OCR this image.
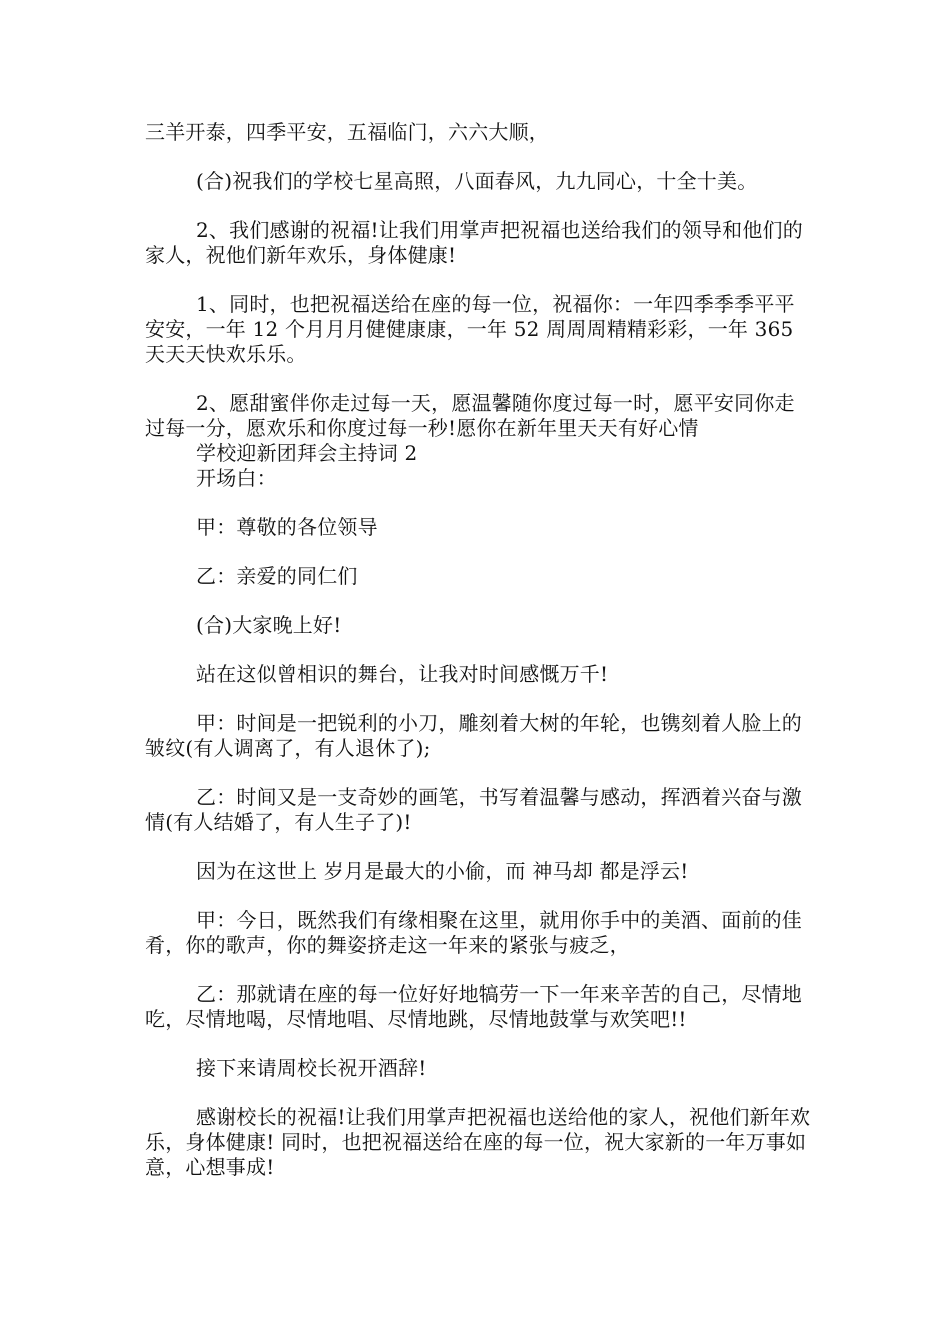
三羊开泰，四季平安，五福临门，六六大顺，

(合)祝我们的学校七星高照，八面春风，九九同心，十全十美。

2、我们感谢的祝福!让我们用掌声把祝福也送给我们的领导和他们的家人，祝他们新年欢乐，身体健康!

1、同时，也把祝福送给在座的每一位，祝福你：一年四季季季平平安安，一年 12 个月月月健健康康，一年 52 周周周精精彩彩，一年 365 天天天快欢乐乐。

2、愿甜蜜伴你走过每一天，愿温馨随你度过每一时，愿平安同你走过每一分，愿欢乐和你度过每一秒!愿你在新年里天天有好心情

学校迎新团拜会主持词 2

开场白：

甲：尊敬的各位领导

乙：亲爱的同仁们

(合)大家晚上好!

站在这似曾相识的舞台，让我对时间感慨万千!

甲：时间是一把锐利的小刀，雕刻着大树的年轮，也镌刻着人脸上的皱纹(有人调离了，有人退休了);

乙：时间又是一支奇妙的画笔，书写着温馨与感动，挥洒着兴奋与激情(有人结婚了，有人生子了)!

因为在这世上 岁月是最大的小偷，而 神马却 都是浮云!

甲：今日，既然我们有缘相聚在这里，就用你手中的美酒、面前的佳肴，你的歌声，你的舞姿挤走这一年来的紧张与疲乏，

乙：那就请在座的每一位好好地犒劳一下一年来辛苦的自己，尽情地吃，尽情地喝，尽情地唱、尽情地跳，尽情地鼓掌与欢笑吧!!

接下来请周校长祝开酒辞!

感谢校长的祝福!让我们用掌声把祝福也送给他的家人，祝他们新年欢乐，身体健康! 同时，也把祝福送给在座的每一位，祝大家新的一年万事如意，心想事成!
